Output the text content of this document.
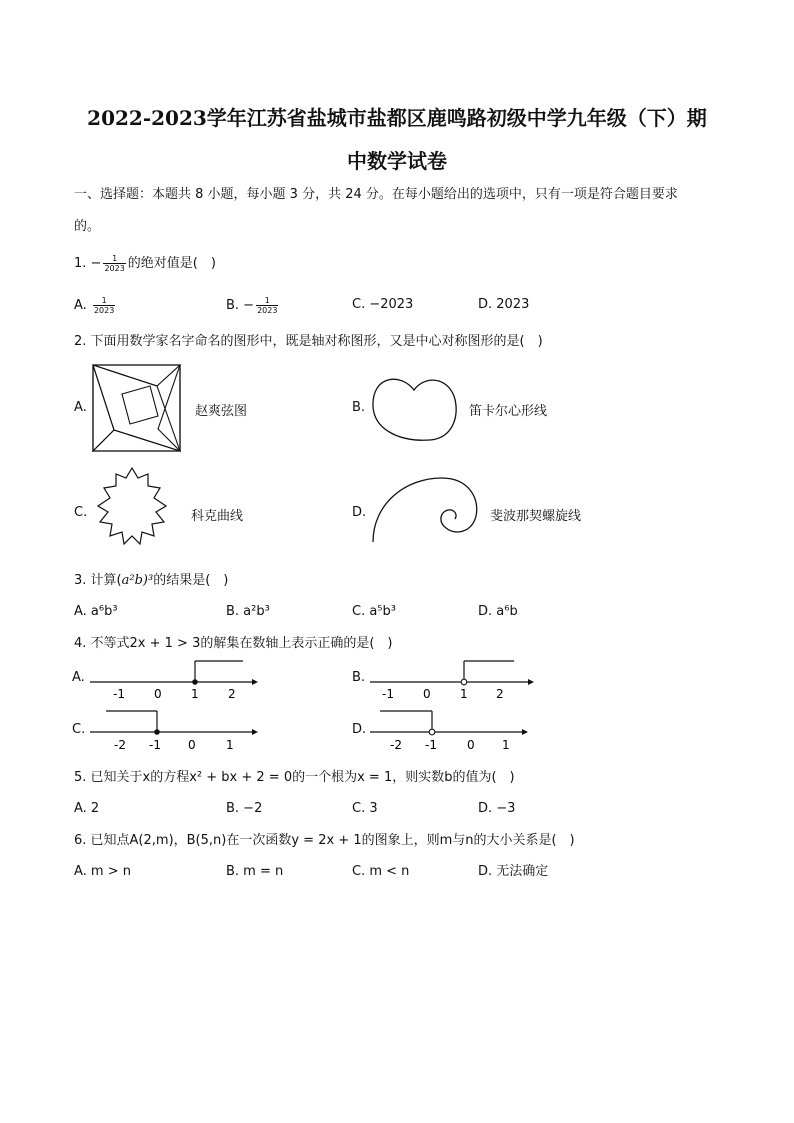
2022-2023学年江苏省盐城市盐都区鹿鸣路初级中学九年级（下）期
中数学试卷
一、选择题：本题共 8 小题，每小题 3 分，共 24 分。在每小题给出的选项中，只有一项是符合题目要求
的。
1. − $\frac{1}{2023}$ 的绝对值是(　)
A. $\frac{1}{2023}$	B. − $\frac{1}{2023}$	C. −2023	D. 2023
2. 下面用数学家名字命名的图形中，既是轴对称图形，又是中心对称图形的是(　)
A.	赵爽弦图	B.	笛卡尔心形线
C.	科克曲线	D.	斐波那契螺旋线
3. 计算(a²b)³的结果是(　)
A. a⁶b³	B. a²b³	C. a⁵b³	D. a⁶b
4. 不等式2x + 1 > 3的解集在数轴上表示正确的是(　)
A.
-1 0 1 2
B.
-1 0 1 2
C.
-2 -1 0	1
D.
-2 -1	0 1
5. 已知关于x的方程x² + bx + 2 = 0的一个根为x = 1，则实数b的值为(　)
A. 2	B. −2	C. 3	D. −3
6. 已知点A(2,m)，B(5,n)在一次函数y = 2x + 1的图象上，则m与n的大小关系是(　)
A. m > n	B. m = n	C. m < n	D. 无法确定
